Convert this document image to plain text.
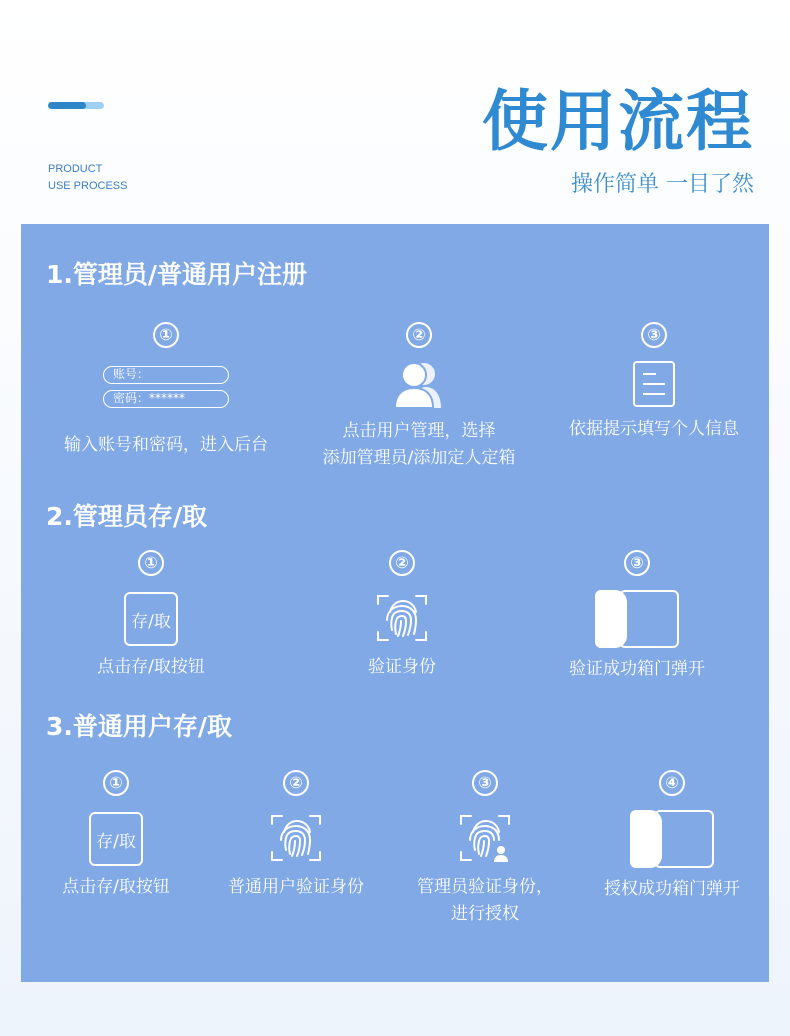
PRODUCT
USE PROCESS
使用流程
操作简单 一目了然
1.管理员/普通用户注册
①
账号：
密码：******
输入账号和密码，进入后台
②
点击用户管理，选择
添加管理员/添加定人定箱
③
依据提示填写个人信息
2.管理员存/取
①
存/取
点击存/取按钮
②
验证身份
③
验证成功箱门弹开
3.普通用户存/取
①
存/取
点击存/取按钮
②
普通用户验证身份
③
管理员验证身份，
进行授权
④
授权成功箱门弹开
